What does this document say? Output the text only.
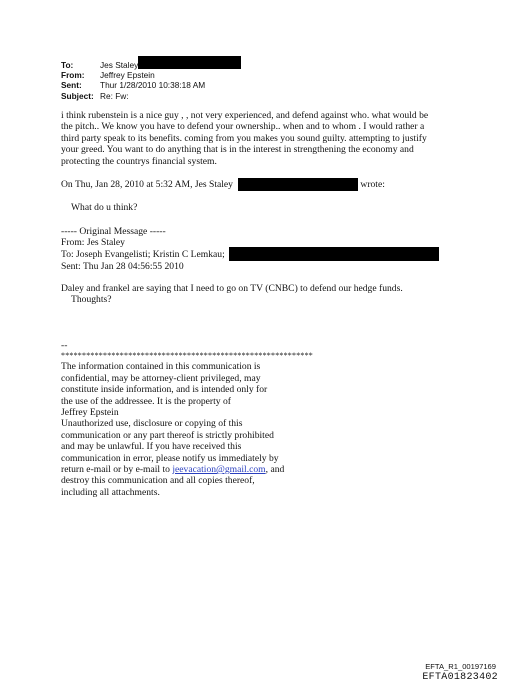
To:	Jes Staley
From:	Jeffrey Epstein
Sent:	Thur 1/28/2010 10:38:18 AM
Subject: Re: Fw:
i think rubenstein is a nice guy , , not very experienced, and defend against who. what would be
the pitch.. We know you have to defend your ownership.. when and to whom . I would rather a
third party speak to its benefits. coming from you makes you sound guilty. attempting to justify
your greed. You want to do anything that is in the interest in strengthening the economy and
protecting the countrys financial system.
On Thu, Jan 28, 2010 at 5:32 AM, Jes Staley	wrote:
What do u think?
----- Original Message -----
From: Jes Staley
To: Joseph Evangelisti; Kristin C Lemkau;
Sent: Thu Jan 28 04:56:55 2010
Daley and frankel are saying that I need to go on TV (CNBC) to defend our hedge funds.
Thoughts?
--
************************************************************
The information contained in this communication is
confidential, may be attorney-client privileged, may
constitute inside information, and is intended only for
the use of the addressee. It is the property of
Jeffrey Epstein
Unauthorized use, disclosure or copying of this
communication or any part thereof is strictly prohibited
and may be unlawful. If you have received this
communication in error, please notify us immediately by
return e-mail or by e-mail to jeevacation@gmail.com, and
destroy this communication and all copies thereof,
including all attachments.
EFTA_R1_00197169
EFTA01823402
